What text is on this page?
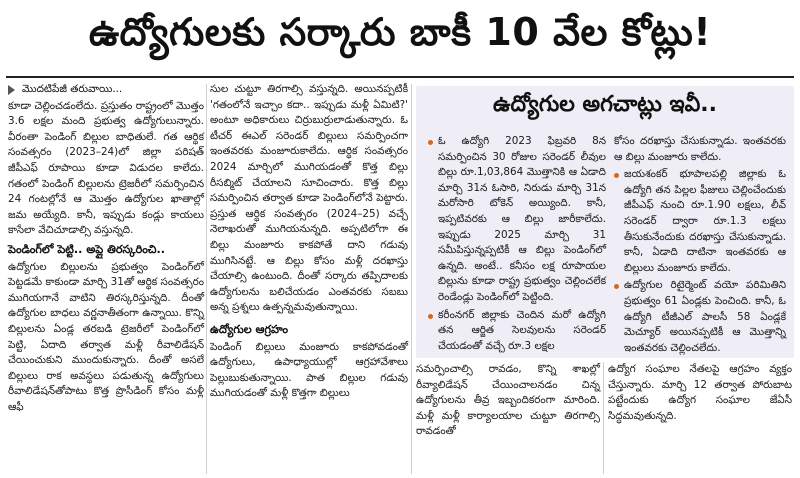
ఉద్యోగులకు సర్కారు బాకీ 10 వేల కోట్లు!
మొదటిపేజీ తరువాయి...

కూడా చెల్లించడంలేదు. ప్రస్తుతం రాష్ట్రంలో మొత్తం 3.6 లక్షల మంది ప్రభుత్వ ఉద్యోగులున్నారు. వీరంతా పెండింగ్ బిల్లుల బాధితులే. గత ఆర్థిక సంవత్సరం (2023–24)లో జిల్లా పరిషత్ జీపీఎఫ్ రూపాయి కూడా విడుదల కాలేదు. గతంలో పెండింగ్ బిల్లులను ట్రెజరీలో సమర్పించిన 24 గంటల్లోనే ఆ మొత్తం ఉద్యోగుల ఖాతాల్లో జమ అయ్యేది. కానీ, ఇప్పుడు కండ్లు కాయలు కాసేలా వేచిచూడాల్సి వస్తున్నది.

పెండింగ్‌లో పెట్టి.. అప్లై తిరస్కరించి..

ఉద్యోగుల బిల్లులను ప్రభుత్వం పెండింగ్‌లో పెట్టడమే కాకుండా మార్చి 31తో ఆర్థిక సంవత్సరం ముగియగానే వాటిని తిరస్కరిస్తున్నది. దీంతో ఉద్యోగుల బాధలు వర్ణనాతీతంగా ఉన్నాయి. కొన్ని బిల్లులను ఏండ్ల తరబడి ట్రెజరీలో పెండింగ్‌లో పెట్టి, ఏదాది తర్వాత మళ్లీ రీవాలిడేషన్ చేయించుకుని ముందుకున్నారు. దీంతో అసలే బిల్లులు రాక అవస్థలు పడుతున్న ఉద్యోగులు రీవాలిడేషన్‌తోపాటు కొత్త ప్రొసీడింగ్ కోసం మళ్లీ ఆఫీ

సుల చుట్టూ తిరగాల్సి వస్తున్నది. అయినప్పటికీ 'గతంలోనే ఇచ్చాం కదా.. ఇప్పుడు మళ్లీ ఏమిటి?' అంటూ అధికారులు చిర్రుబుర్రులాడుతున్నారు. ఓ టీచర్ ఈఎల్ సరెండర్ బిల్లులు సమర్పించగా ఇంతవరకు మంజూరుకాలేదు. ఆర్థిక సంవత్సరం 2024 మార్చిలో ముగియడంతో కొత్త బిల్లు రీసబ్మిట్ చేయాలని సూచించారు. కొత్త బిల్లు సమర్పించిన తర్వాత కూడా పెండింగ్‌లోనే పెట్టారు. ప్రస్తుత ఆర్థిక సంవత్సరం (2024–25) వచ్చే నెలాఖరుతో ముగియనున్నది. అప్పటిలోగా ఈ బిల్లు మంజూరు కాకపోతే దాని గడువు ముగిసినట్టే. ఆ బిల్లు కోసం మళ్లీ దరఖాస్తు చేయాల్సి ఉంటుంది. దీంతో సర్కారు తప్పిదాలకు ఉద్యోగులను బలిచేయడం ఎంతవరకు సబబు అన్న ప్రశ్నలు ఉత్పన్నమవుతున్నాయి.

ఉద్యోగుల ఆగ్రహం

పెండింగ్ బిల్లులు మంజూరు కాకపోవడంతో ఉద్యోగులు, ఉపాధ్యాయుల్లో ఆగ్రహావేశాలు పెల్లుబుకుతున్నాయి. పాత బిల్లుల గడువు ముగియడంతో మళ్లీ కొత్తగా బిల్లులు

ఉద్యోగుల అగచాట్లు ఇవీ..
ఓ ఉద్యోగి 2023 ఫిబ్రవరి 8న సమర్పించిన 30 రోజుల సరెండర్ లీవుల బిల్లు రూ.1,03,864 మొత్తానికి ఆ ఏడాది మార్చి 31న ఓసారి, నిరుడు మార్చి 31న మరోసారి టోకెన్ అయ్యింది. కానీ, ఇప్పటివరకు ఆ బిల్లు జారీకాలేదు. ఇప్పుడు 2025 మార్చి 31 సమీపిస్తున్నప్పటికీ ఆ బిల్లు పెండింగ్‌లో ఉన్నది. అంటే.. కనీసం లక్ష రూపాయల బిల్లును కూడా రాష్ట్ర ప్రభుత్వం చెల్లించలేక రెండేండ్లు పెండింగ్‌లో పెట్టింది.
కరీంనగర్ జిల్లాకు చెందిన మరో ఉద్యోగి తన ఆర్జిత సెలవులను సరెండర్ చేయడంతో వచ్చే రూ.3 లక్షల
కోసం దరఖాస్తు చేసుకున్నాడు. ఇంతవరకు ఆ బిల్లు మంజూరు కాలేదు.
జయశంకర్ భూపాలపల్లి జిల్లాకు ఓ ఉద్యోగి తన పిల్లల ఫీజులు చెల్లించేందుకు జీపీఎఫ్ నుంచి రూ.1.90 లక్షలు, లీవ్ సరెండర్ ద్వారా రూ.1.3 లక్షలు తీసుకునేందుకు దరఖాస్తు చేసుకున్నాడు. కానీ, ఏడాది దాటినా ఇంతవరకు ఆ బిల్లులు మంజూరు కాలేదు.
ఉద్యోగుల రిటైర్మెంట్ వయో పరిమితిని ప్రభుత్వం 61 ఏండ్లకు పెంచింది. కానీ, ఓ ఉద్యోగి టీజీఎల్ పాలసీ 58 ఏండ్లకే మెచ్యూర్ అయినప్పటికీ ఆ మొత్తాన్ని ఇంతవరకు చెల్లించలేదు.
సమర్పించాల్సి రావడం, కొన్ని శాఖల్లో రీవ్యాలిడేషన్ చేయించాలనడం చిన్న ఉద్యోగులను తీవ్ర ఇబ్బందికరంగా మారింది. మళ్లీ మళ్లీ కార్యాలయాల చుట్టూ తిరగాల్సి రావడంతో
ఉద్యోగ సంఘాల నేతలపై ఆగ్రహం వ్యక్తం చేస్తున్నారు. మార్చి 12 తర్వాత పోరుబాట పట్టేందుకు ఉద్యోగ సంఘాల జేఏసీ సిద్ధమవుతున్నది.
